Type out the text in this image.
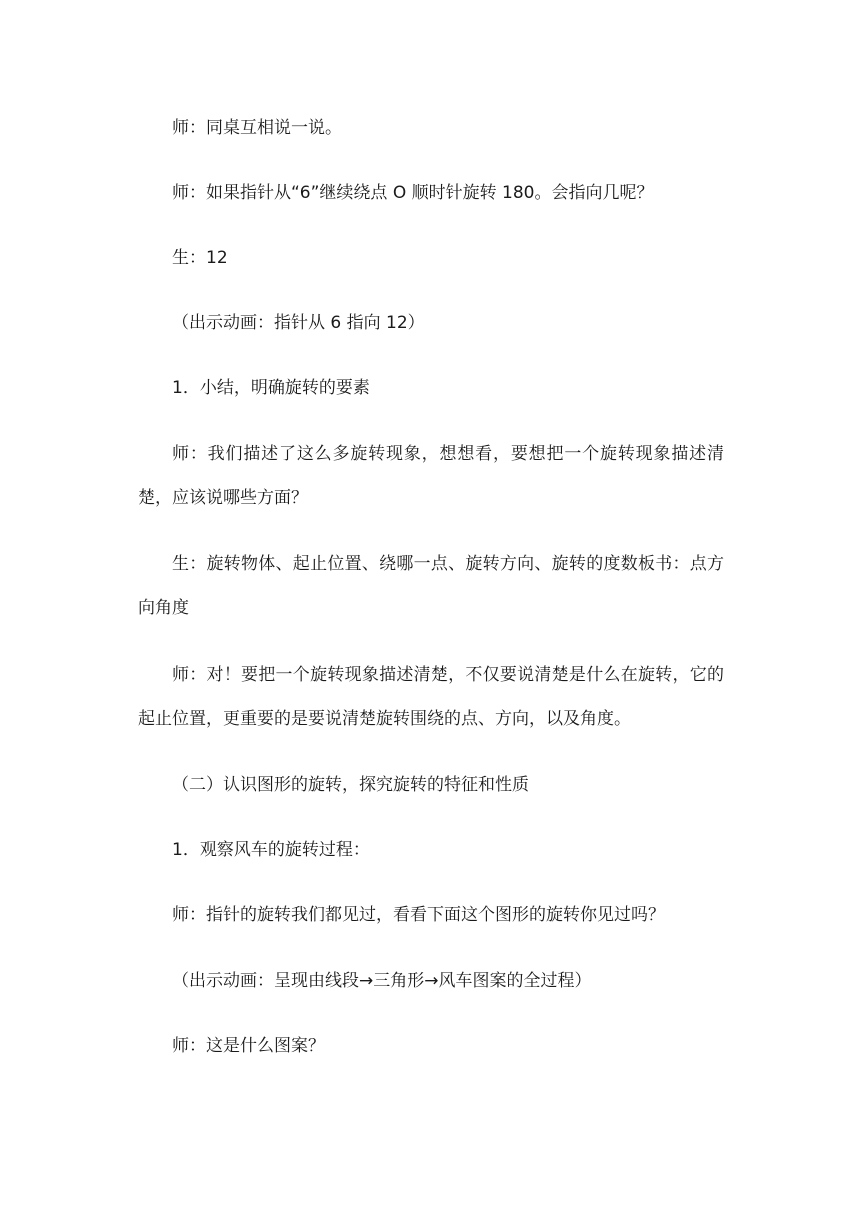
师：同桌互相说一说。

师：如果指针从“6”继续绕点 O 顺时针旋转 180。会指向几呢？

生：12

（出示动画：指针从 6 指向 12）

1．小结，明确旋转的要素

师：我们描述了这么多旋转现象，想想看，要想把一个旋转现象描述清楚，应该说哪些方面？

生：旋转物体、起止位置、绕哪一点、旋转方向、旋转的度数板书：点方向角度

师：对！要把一个旋转现象描述清楚，不仅要说清楚是什么在旋转，它的起止位置，更重要的是要说清楚旋转围绕的点、方向，以及角度。

（二）认识图形的旋转，探究旋转的特征和性质

1．观察风车的旋转过程：

师：指针的旋转我们都见过，看看下面这个图形的旋转你见过吗？

（出示动画：呈现由线段→三角形→风车图案的全过程）

师：这是什么图案？
